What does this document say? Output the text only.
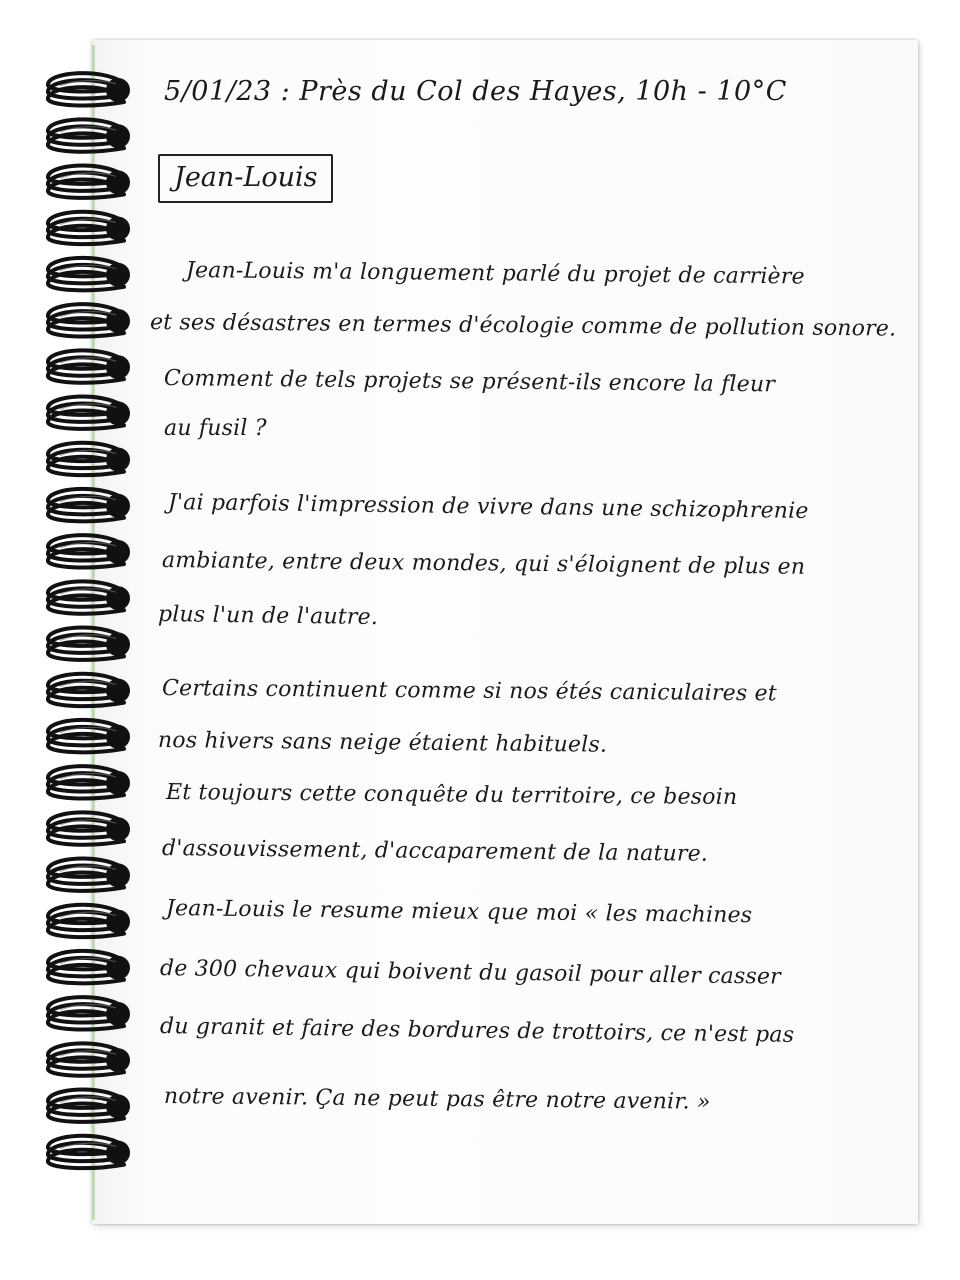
5/01/23 : Près du Col des Hayes, 10h - 10°C
Jean-Louis
Jean-Louis m'a longuement parlé du projet de carrière
et ses désastres en termes d'écologie comme de pollution sonore.
Comment de tels projets se présent-ils encore la fleur
au fusil ?
J'ai parfois l'impression de vivre dans une schizophrenie
ambiante, entre deux mondes, qui s'éloignent de plus en
plus l'un de l'autre.
Certains continuent comme si nos étés caniculaires et
nos hivers sans neige étaient habituels.
Et toujours cette conquête du territoire, ce besoin
d'assouvissement, d'accaparement de la nature.
Jean-Louis le resume mieux que moi « les machines
de 300 chevaux qui boivent du gasoil pour aller casser
du granit et faire des bordures de trottoirs, ce n'est pas
notre avenir. Ça ne peut pas être notre avenir. »
